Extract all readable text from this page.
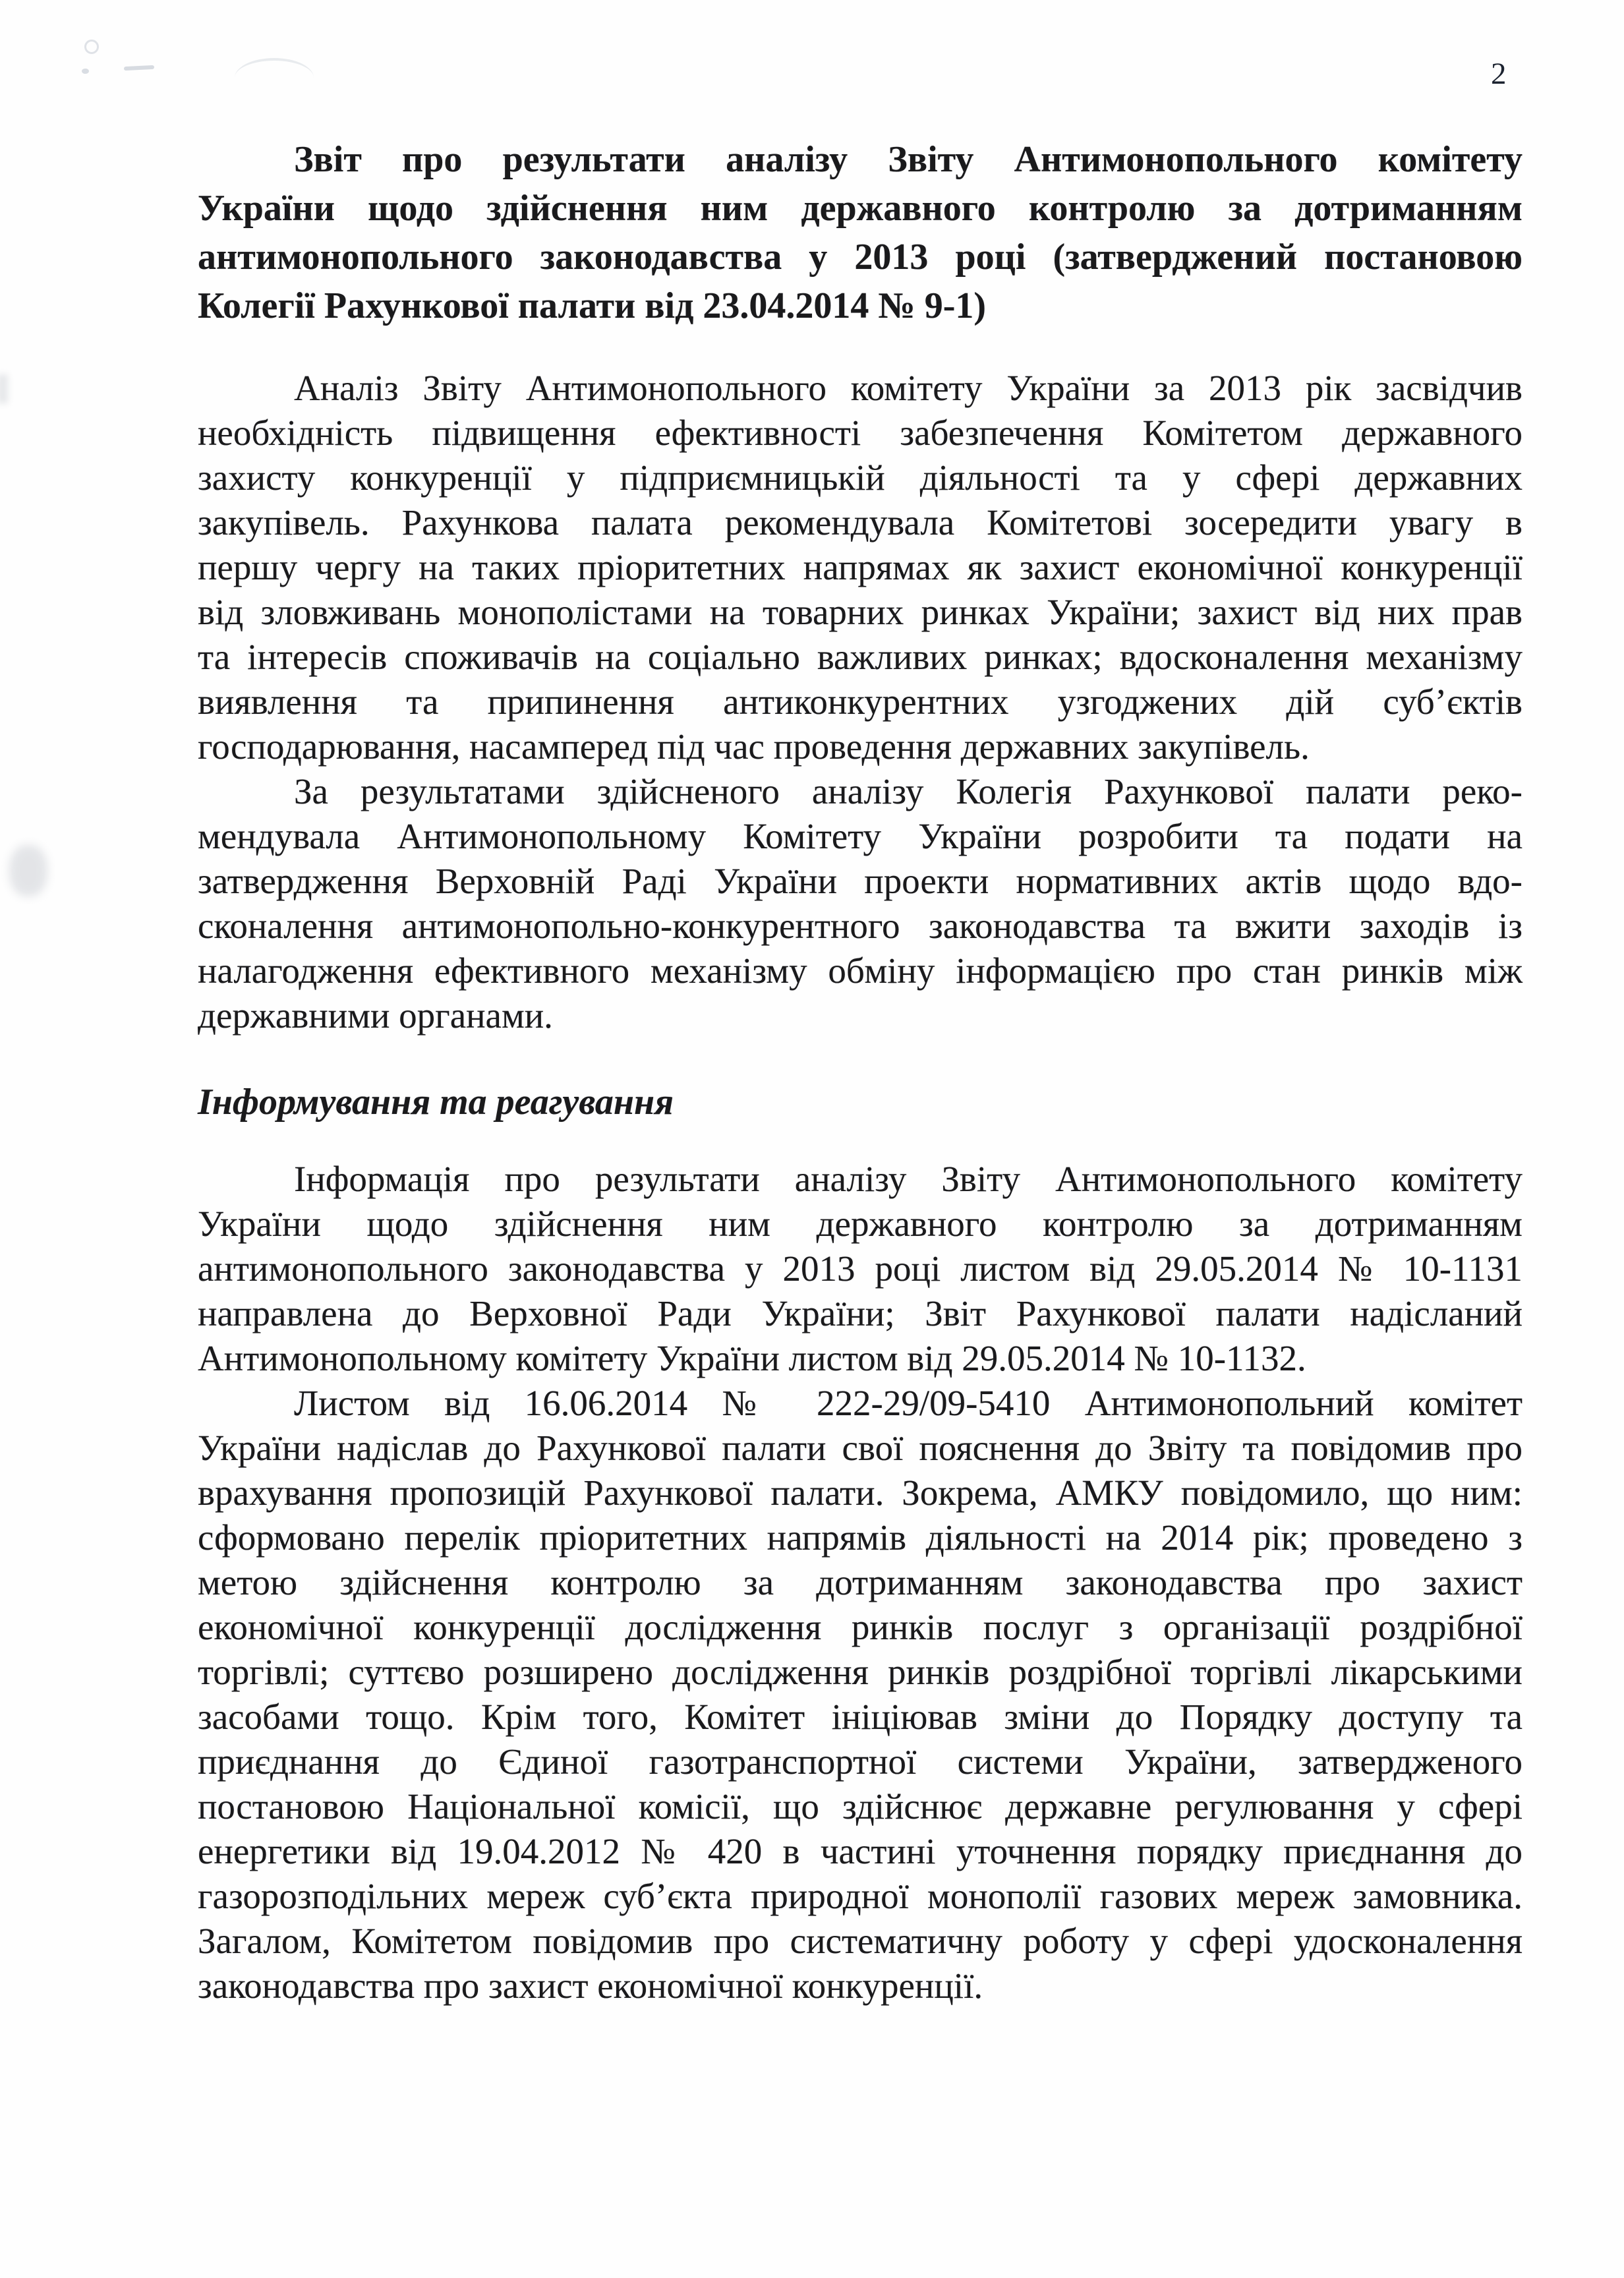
2
Звіт про результати аналізу Звіту Антимонопольного комітету
України щодо здійснення ним державного контролю за дотриманням
антимонопольного законодавства у 2013 році (затверджений постановою
Колегії Рахункової палати від 23.04.2014 № 9-1)
Аналіз Звіту Антимонопольного комітету України за 2013 рік засвідчив
необхідність підвищення ефективності забезпечення Комітетом державного
захисту конкуренції у підприємницькій діяльності та у сфері державних
закупівель. Рахункова палата рекомендувала Комітетові зосередити увагу в
першу чергу на таких пріоритетних напрямах як захист економічної конкуренції
від зловживань монополістами на товарних ринках України; захист від них прав
та інтересів споживачів на соціально важливих ринках; вдосконалення механізму
виявлення та припинення антиконкурентних узгоджених дій суб’єктів
господарювання, насамперед під час проведення державних закупівель.
За результатами здійсненого аналізу Колегія Рахункової палати реко-
мендувала Антимонопольному Комітету України розробити та подати на
затвердження Верховній Раді України проекти нормативних актів щодо вдо-
сконалення антимонопольно-конкурентного законодавства та вжити заходів із
налагодження ефективного механізму обміну інформацією про стан ринків між
державними органами.
Інформування та реагування
Інформація про результати аналізу Звіту Антимонопольного комітету
України щодо здійснення ним державного контролю за дотриманням
антимонопольного законодавства у 2013 році листом від 29.05.2014 № 10-1131
направлена до Верховної Ради України; Звіт Рахункової палати надісланий
Антимонопольному комітету України листом від 29.05.2014 № 10-1132.
Листом від 16.06.2014 № 222-29/09-5410 Антимонопольний комітет
України надіслав до Рахункової палати свої пояснення до Звіту та повідомив про
врахування пропозицій Рахункової палати. Зокрема, АМКУ повідомило, що ним:
сформовано перелік пріоритетних напрямів діяльності на 2014 рік; проведено з
метою здійснення контролю за дотриманням законодавства про захист
економічної конкуренції дослідження ринків послуг з організації роздрібної
торгівлі; суттєво розширено дослідження ринків роздрібної торгівлі лікарськими
засобами тощо. Крім того, Комітет ініціював зміни до Порядку доступу та
приєднання до Єдиної газотранспортної системи України, затвердженого
постановою Національної комісії, що здійснює державне регулювання у сфері
енергетики від 19.04.2012 № 420 в частині уточнення порядку приєднання до
газорозподільних мереж суб’єкта природної монополії газових мереж замовника.
Загалом, Комітетом повідомив про систематичну роботу у сфері удосконалення
законодавства про захист економічної конкуренції.
